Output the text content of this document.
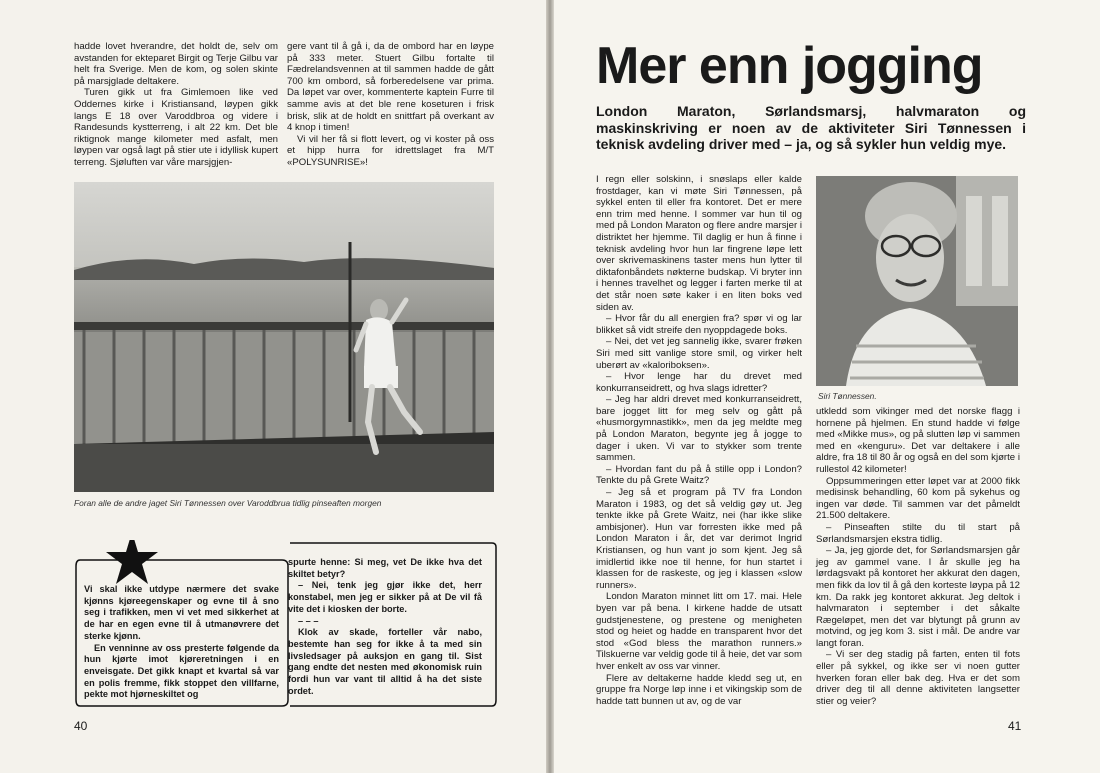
hadde lovet hverandre, det holdt de, selv om avstanden for ekteparet Birgit og Terje Gilbu var helt fra Sverige. Men de kom, og solen skinte på marsjglade deltakere.

Turen gikk ut fra Gimlemoen like ved Oddernes kirke i Kristiansand, løypen gikk langs E 18 over Varoddbroa og videre i Randesunds kystterreng, i alt 22 km. Det ble riktignok mange kilometer med asfalt, men løypen var også lagt på stier ute i idyllisk kupert terreng. Sjøluften var våre marsjgjen-

gere vant til å gå i, da de ombord har en løype på 333 meter. Stuert Gilbu fortalte til Fædrelandsvennen at til sammen hadde de gått 700 km ombord, så forberedelsene var prima. Da løpet var over, kommenterte kaptein Furre til samme avis at det ble rene koseturen i frisk brisk, slik at de holdt en snittfart på overkant av 4 knop i timen!

Vi vil her få si flott levert, og vi koster på oss et hipp hurra for idrettslaget fra M/T «POLYSUNRISE»!

Foran alle de andre jaget Siri Tønnessen over Varoddbrua tidlig pinseaften morgen

Vi skal ikke utdype nærmere det svake kjønns kjøreegenskaper og evne til å sno seg i trafikken, men vi vet med sikkerhet at de har en egen evne til å utmanøvrere det sterke kjønn.

En venninne av oss presterte følgende da hun kjørte imot kjøreretningen i en enveisgate. Det gikk knapt et kvartal så var en polis fremme, fikk stoppet den villfarne, pekte mot hjørneskiltet og

spurte henne: Si meg, vet De ikke hva det skiltet betyr?

– Nei, tenk jeg gjør ikke det, herr konstabel, men jeg er sikker på at De vil få vite det i kiosken der borte.

– – –

Klok av skade, forteller vår nabo, bestemte han seg for ikke å ta med sin livsledsager på auksjon en gang til. Sist gang endte det nesten med økonomisk ruin fordi hun var vant til alltid å ha det siste ordet.

40
Mer enn jogging

London Maraton, Sørlandsmarsj, halvmaraton og maskinskriving er noen av de aktiviteter Siri Tønnessen i teknisk avdeling driver med – ja, og så sykler hun veldig mye.

I regn eller solskinn, i snøslaps eller kalde frostdager, kan vi møte Siri Tønnessen, på sykkel enten til eller fra kontoret. Det er mere enn trim med henne. I sommer var hun til og med på London Maraton og flere andre marsjer i distriktet her hjemme. Til daglig er hun å finne i teknisk avdeling hvor hun lar fingrene løpe lett over skrivemaskinens taster mens hun lytter til diktafonbåndets nøkterne budskap. Vi bryter inn i hennes travelhet og legger i farten merke til at det står noen søte kaker i en liten boks ved siden av.

– Hvor får du all energien fra? spør vi og lar blikket så vidt streife den nyoppdagede boks.

– Nei, det vet jeg sannelig ikke, svarer frøken Siri med sitt vanlige store smil, og virker helt uberørt av «kaloriboksen».

– Hvor lenge har du drevet med konkurranseidrett, og hva slags idretter?

– Jeg har aldri drevet med konkurranseidrett, bare jogget litt for meg selv og gått på «husmorgymnastikk», men da jeg meldte meg på London Maraton, begynte jeg å jogge to dager i uken. Vi var to stykker som trente sammen.

– Hvordan fant du på å stille opp i London? Tenkte du på Grete Waitz?

– Jeg så et program på TV fra London Maraton i 1983, og det så veldig gøy ut. Jeg tenkte ikke på Grete Waitz, nei (har ikke slike ambisjoner). Hun var forresten ikke med på London Maraton i år, det var derimot Ingrid Kristiansen, og hun vant jo som kjent. Jeg så imidlertid ikke noe til henne, for hun startet i klassen for de raskeste, og jeg i klassen «slow runners».

London Maraton minnet litt om 17. mai. Hele byen var på bena. I kirkene hadde de utsatt gudstjenestene, og prestene og menigheten stod og heiet og hadde en transparent hvor det stod «God bless the marathon runners.» Tilskuerne var veldig gode til å heie, det var som hver enkelt av oss var vinner.

Flere av deltakerne hadde kledd seg ut, en gruppe fra Norge løp inne i et vikingskip som de hadde tatt bunnen ut av, og de var

Siri Tønnessen.

utkledd som vikinger med det norske flagg i hornene på hjelmen. En stund hadde vi følge med «Mikke mus», og på slutten løp vi sammen med en «kenguru». Det var deltakere i alle aldre, fra 18 til 80 år og også en del som kjørte i rullestol 42 kilometer!

Oppsummeringen etter løpet var at 2000 fikk medisinsk behandling, 60 kom på sykehus og ingen var døde. Til sammen var det påmeldt 21.500 deltakere.

– Pinseaften stilte du til start på Sørlandsmarsjen ekstra tidlig.

– Ja, jeg gjorde det, for Sørlandsmarsjen går jeg av gammel vane. I år skulle jeg ha lørdagsvakt på kontoret her akkurat den dagen, men fikk da lov til å gå den korteste løypa på 12 km. Da rakk jeg kontoret akkurat. Jeg deltok i halvmaraton i september i det såkalte Rægeløpet, men det var blytungt på grunn av motvind, og jeg kom 3. sist i mål. De andre var langt foran.

– Vi ser deg stadig på farten, enten til fots eller på sykkel, og ikke ser vi noen gutter hverken foran eller bak deg. Hva er det som driver deg til all denne aktiviteten langsetter stier og veier?

41
